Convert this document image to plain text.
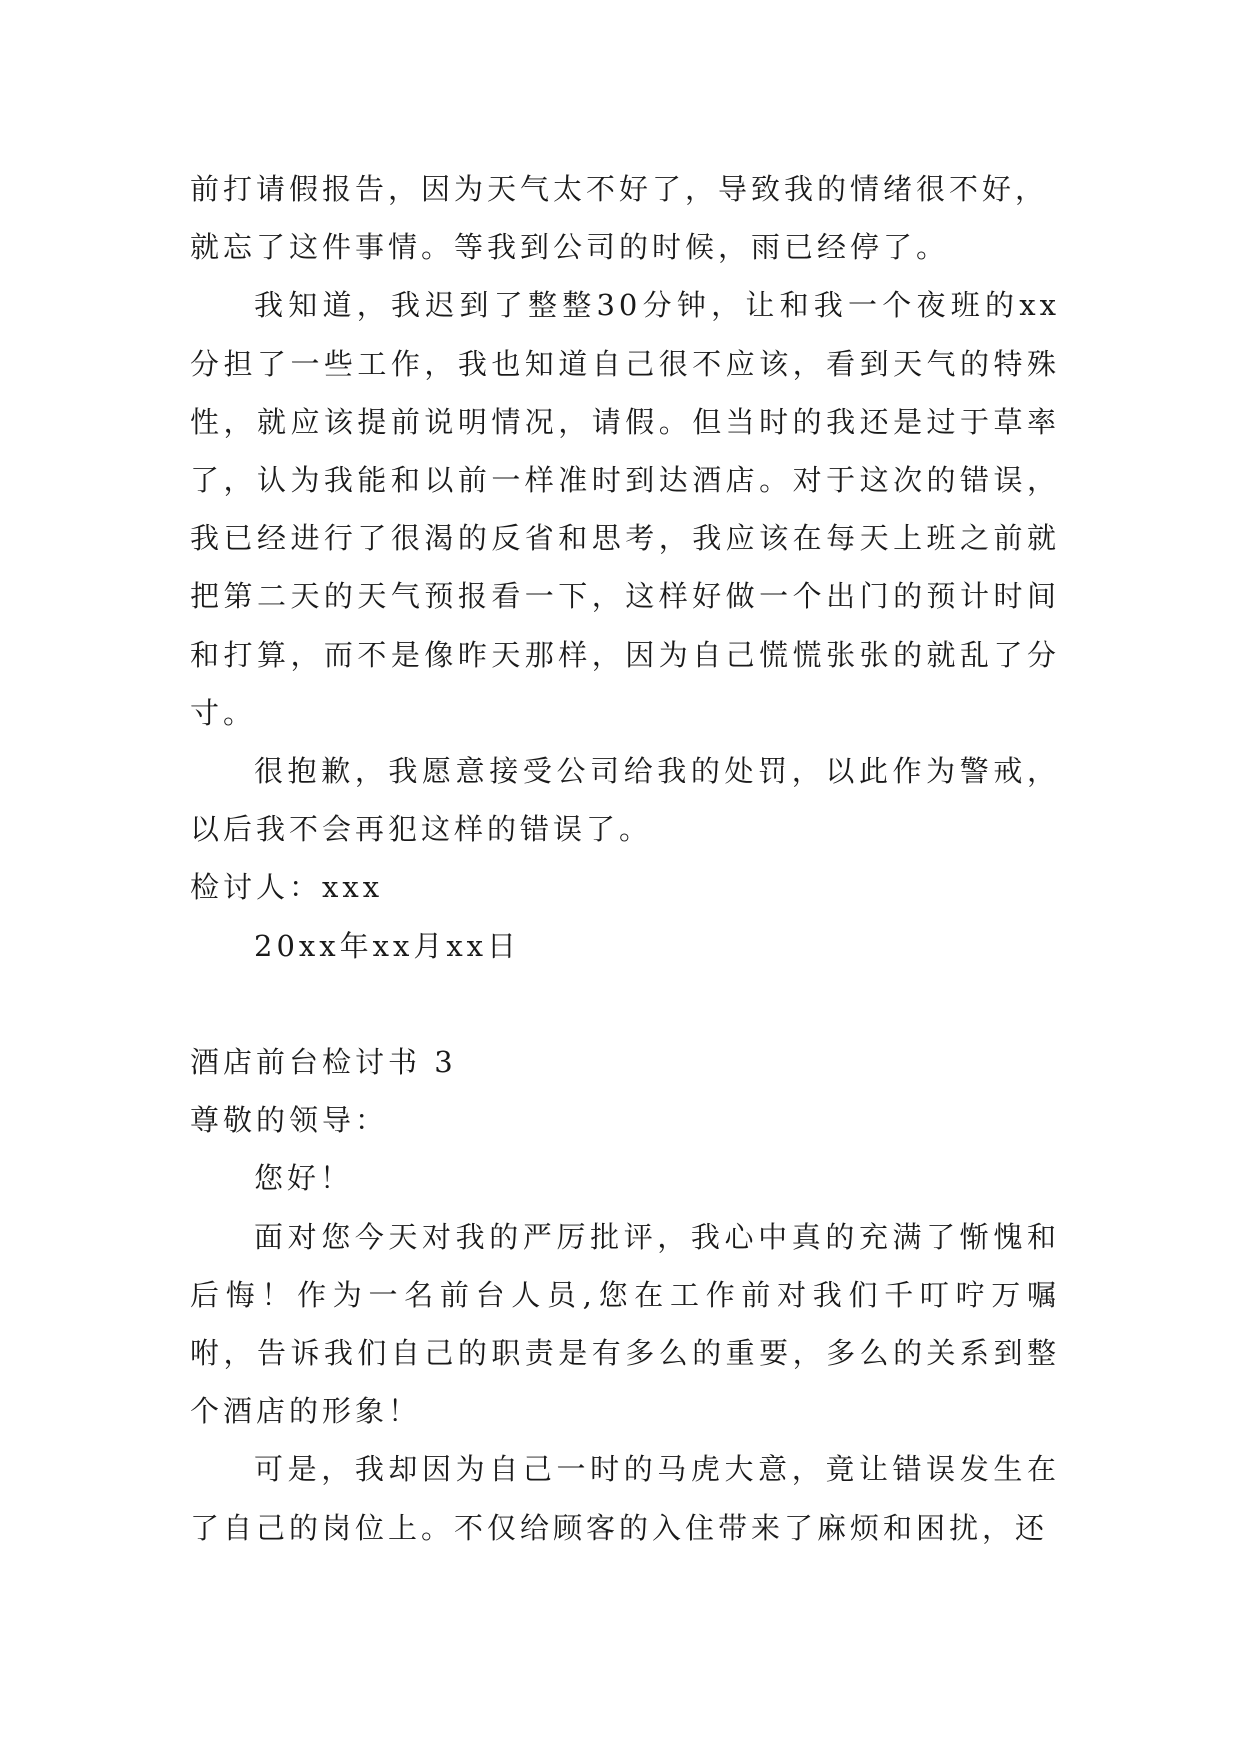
前打请假报告，因为天气太不好了，导致我的情绪很不好，
就忘了这件事情。等我到公司的时候，雨已经停了。

我知道，我迟到了整整30分钟，让和我一个夜班的xx分担了一些工作，我也知道自己很不应该，看到天气的特殊性，就应该提前说明情况，请假。但当时的我还是过于草率了，认为我能和以前一样准时到达酒店。对于这次的错误，我已经进行了很渴的反省和思考，我应该在每天上班之前就把第二天的天气预报看一下，这样好做一个出门的预计时间和打算，而不是像昨天那样，因为自己慌慌张张的就乱了分寸。

很抱歉，我愿意接受公司给我的处罚，以此作为警戒，以后我不会再犯这样的错误了。

检讨人：xxx

20xx年xx月xx日

酒店前台检讨书 3

尊敬的领导：

您好！

面对您今天对我的严厉批评，我心中真的充满了惭愧和后悔！作为一名前台人员,您在工作前对我们千叮咛万嘱咐，告诉我们自己的职责是有多么的重要，多么的关系到整个酒店的形象！

可是，我却因为自己一时的马虎大意，竟让错误发生在了自己的岗位上。不仅给顾客的入住带来了麻烦和困扰，还
